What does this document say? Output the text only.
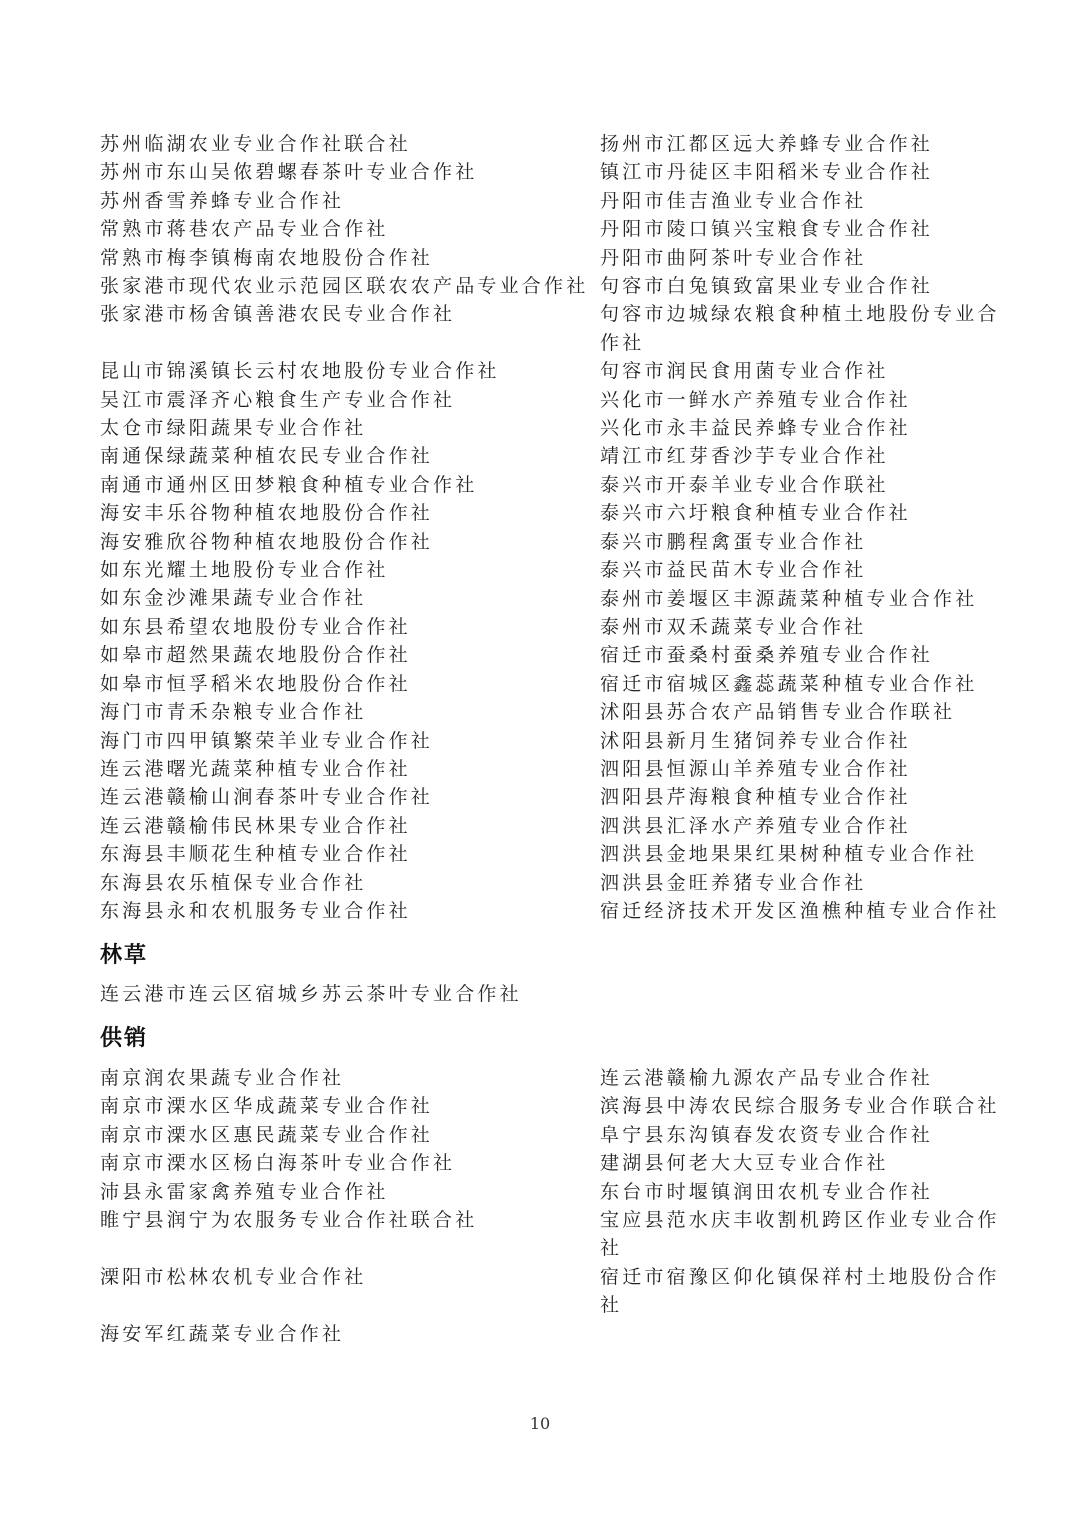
苏州临湖农业专业合作社联合社
苏州市东山吴侬碧螺春茶叶专业合作社
苏州香雪养蜂专业合作社
常熟市蒋巷农产品专业合作社
常熟市梅李镇梅南农地股份合作社
张家港市现代农业示范园区联农农产品专业合作社
张家港市杨舍镇善港农民专业合作社
昆山市锦溪镇长云村农地股份专业合作社
吴江市震泽齐心粮食生产专业合作社
太仓市绿阳蔬果专业合作社
南通保绿蔬菜种植农民专业合作社
南通市通州区田梦粮食种植专业合作社
海安丰乐谷物种植农地股份合作社
海安雅欣谷物种植农地股份合作社
如东光耀土地股份专业合作社
如东金沙滩果蔬专业合作社
如东县希望农地股份专业合作社
如皋市超然果蔬农地股份合作社
如皋市恒孚稻米农地股份合作社
海门市青禾杂粮专业合作社
海门市四甲镇繁荣羊业专业合作社
连云港曙光蔬菜种植专业合作社
连云港赣榆山涧春茶叶专业合作社
连云港赣榆伟民林果专业合作社
东海县丰顺花生种植专业合作社
东海县农乐植保专业合作社
东海县永和农机服务专业合作社
扬州市江都区远大养蜂专业合作社
镇江市丹徒区丰阳稻米专业合作社
丹阳市佳吉渔业专业合作社
丹阳市陵口镇兴宝粮食专业合作社
丹阳市曲阿茶叶专业合作社
句容市白兔镇致富果业专业合作社
句容市边城绿农粮食种植土地股份专业合作社
句容市润民食用菌专业合作社
兴化市一鲜水产养殖专业合作社
兴化市永丰益民养蜂专业合作社
靖江市红芽香沙芋专业合作社
泰兴市开泰羊业专业合作联社
泰兴市六圩粮食种植专业合作社
泰兴市鹏程禽蛋专业合作社
泰兴市益民苗木专业合作社
泰州市姜堰区丰源蔬菜种植专业合作社
泰州市双禾蔬菜专业合作社
宿迁市蚕桑村蚕桑养殖专业合作社
宿迁市宿城区鑫蕊蔬菜种植专业合作社
沭阳县苏合农产品销售专业合作联社
沭阳县新月生猪饲养专业合作社
泗阳县恒源山羊养殖专业合作社
泗阳县芹海粮食种植专业合作社
泗洪县汇泽水产养殖专业合作社
泗洪县金地果果红果树种植专业合作社
泗洪县金旺养猪专业合作社
宿迁经济技术开发区渔樵种植专业合作社
林草
连云港市连云区宿城乡苏云茶叶专业合作社
供销
南京润农果蔬专业合作社
南京市溧水区华成蔬菜专业合作社
南京市溧水区惠民蔬菜专业合作社
南京市溧水区杨白海茶叶专业合作社
沛县永雷家禽养殖专业合作社
睢宁县润宁为农服务专业合作社联合社
溧阳市松林农机专业合作社
海安军红蔬菜专业合作社
连云港赣榆九源农产品专业合作社
滨海县中涛农民综合服务专业合作联合社
阜宁县东沟镇春发农资专业合作社
建湖县何老大大豆专业合作社
东台市时堰镇润田农机专业合作社
宝应县范水庆丰收割机跨区作业专业合作社
宿迁市宿豫区仰化镇保祥村土地股份合作社
10
